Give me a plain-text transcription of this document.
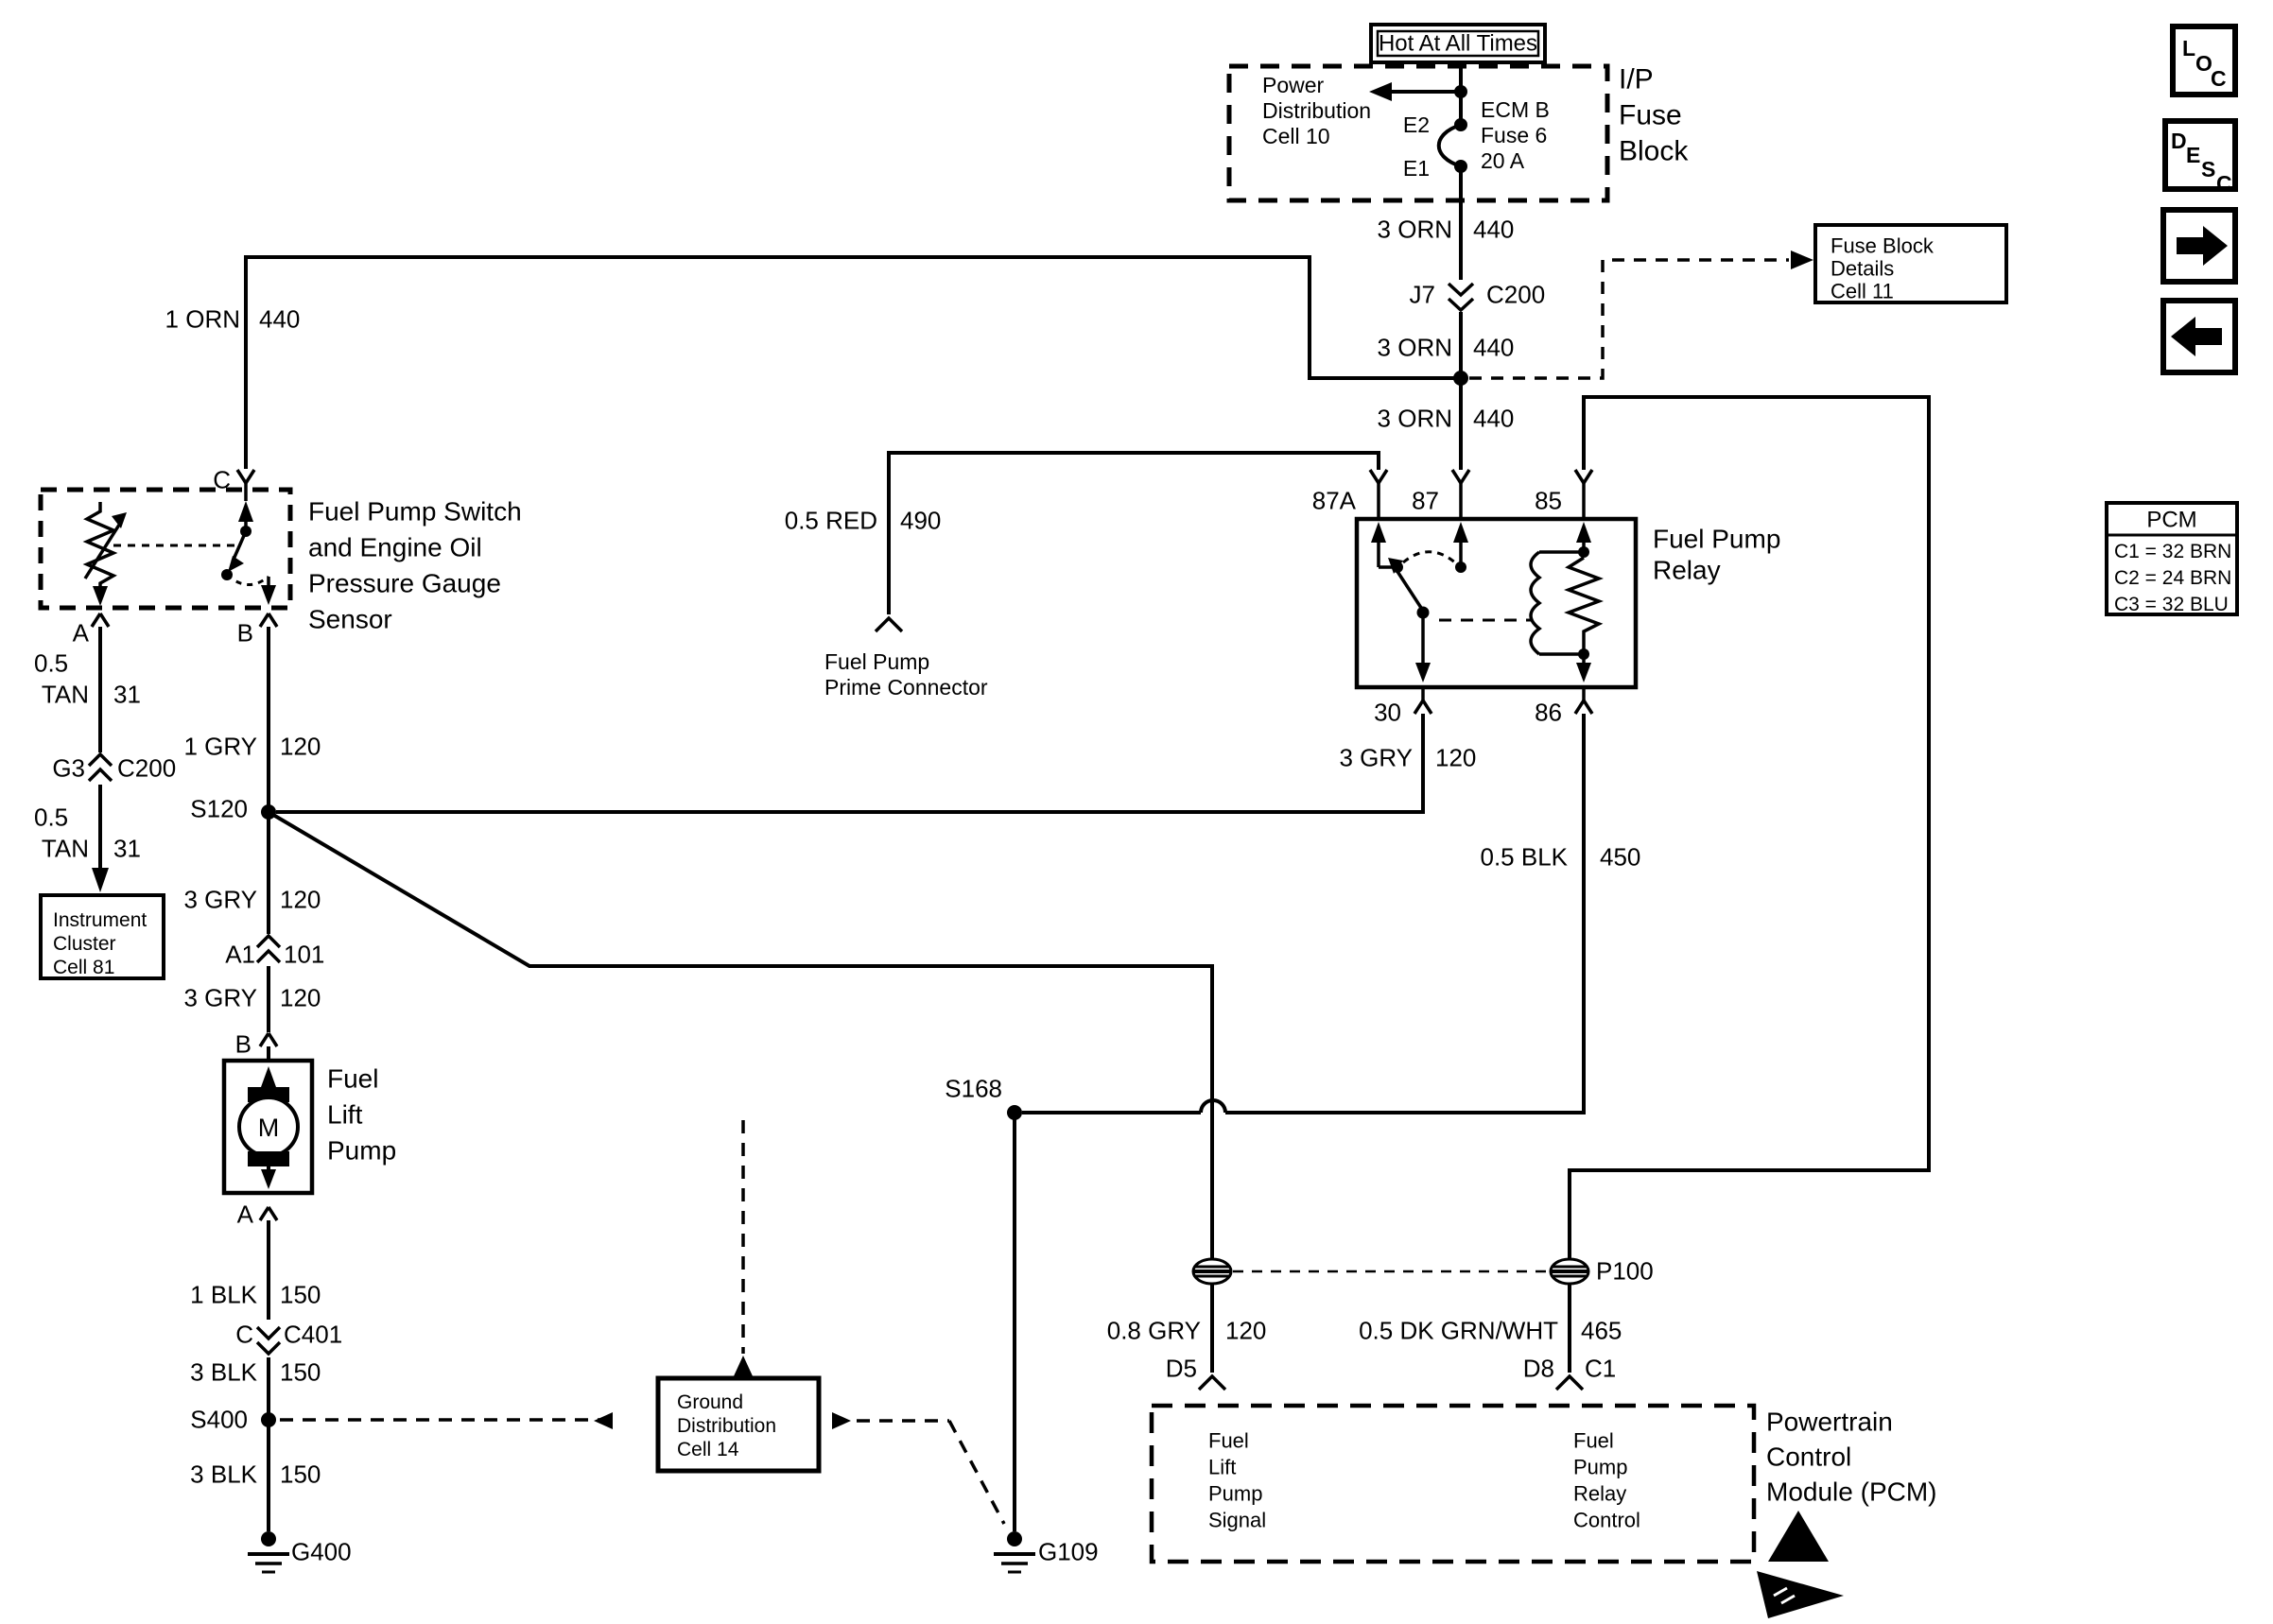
Hot At All Times
Power
Distribution
Cell 10	E2
E1
ECM B
Fuse 6
20 A
I/P
Fuse
Block
3 ORN 440
J7 C200
3 ORN 440
3 ORN 440
Fuse Block
Details
Cell 11
1 ORN 440
C
Fuel Pump Switch
and Engine Oil
Pressure Gauge
Sensor
A	B
0.5
TAN 31
G3 C200
0.5
TAN 31
Instrument
Cluster
Cell 81
1 GRY 120
S120
3 GRY 120
A1 101
3 GRY 120
B
Fuel
Lift
Pump
M
A
1 BLK 150
C C401
3 BLK 150
S400
3 BLK 150
G400
Ground
Distribution
Cell 14
0.5 RED 490
Fuel Pump
Prime Connector
87A	87	85
Fuel Pump
Relay
30	86
3 GRY 120
0.5 BLK 450
S168
G109
P100
0.8 GRY 120	0.5 DK GRN/WHT 465
D5	D8 C1
Fuel
Lift
Pump
Signal
Fuel
Pump
Relay
Control
Powertrain
Control
Module (PCM)
PCM
C1 = 32 BRN
C2 = 24 BRN
C3 = 32 BLU
L
O
C
D
E
S
C
